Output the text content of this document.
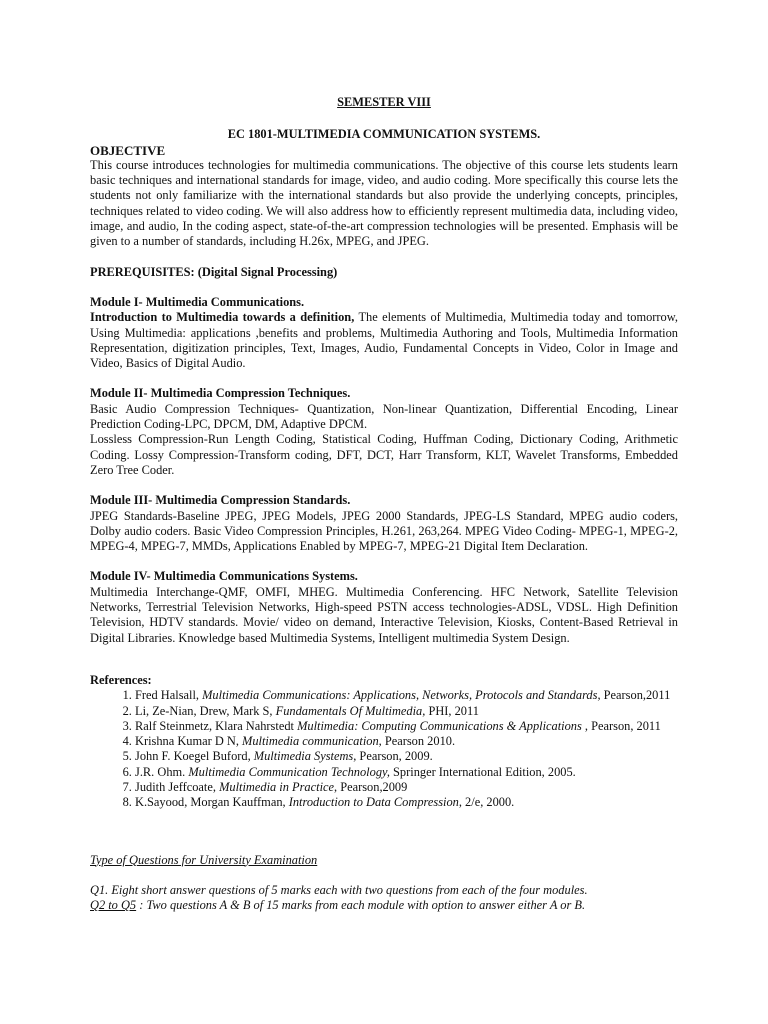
SEMESTER VIII

EC 1801-MULTIMEDIA COMMUNICATION SYSTEMS.

OBJECTIVE

This course introduces technologies for multimedia communications. The objective of this course lets students learn basic techniques and international standards for image, video, and audio coding. More specifically this course lets the students not only familiarize with the international standards but also provide the underlying concepts, principles, techniques related to video coding. We will also address how to efficiently represent multimedia data, including video, image, and audio, In the coding aspect, state-of-the-art compression technologies will be presented. Emphasis will be given to a number of standards, including H.26x, MPEG, and JPEG.

PREREQUISITES: (Digital Signal Processing)

Module I- Multimedia Communications.

Introduction to Multimedia towards a definition, The elements of Multimedia, Multimedia today and tomorrow, Using Multimedia: applications ,benefits and problems, Multimedia Authoring and Tools, Multimedia Information Representation, digitization principles, Text, Images, Audio, Fundamental Concepts in Video, Color in Image and Video, Basics of Digital Audio.

Module II- Multimedia Compression Techniques.

Basic Audio Compression Techniques- Quantization, Non-linear Quantization, Differential Encoding, Linear Prediction Coding-LPC, DPCM, DM, Adaptive DPCM.

Lossless Compression-Run Length Coding, Statistical Coding, Huffman Coding, Dictionary Coding, Arithmetic Coding. Lossy Compression-Transform coding, DFT, DCT, Harr Transform, KLT, Wavelet Transforms, Embedded Zero Tree Coder.

Module III- Multimedia Compression Standards.

JPEG Standards-Baseline JPEG, JPEG Models, JPEG 2000 Standards, JPEG-LS Standard, MPEG audio coders, Dolby audio coders. Basic Video Compression Principles, H.261, 263,264. MPEG Video Coding- MPEG-1, MPEG-2, MPEG-4, MPEG-7, MMDs, Applications Enabled by MPEG-7, MPEG-21 Digital Item Declaration.

Module IV- Multimedia Communications Systems.

Multimedia Interchange-QMF, OMFI, MHEG. Multimedia Conferencing. HFC Network, Satellite Television Networks, Terrestrial Television Networks, High-speed PSTN access technologies-ADSL, VDSL. High Definition Television, HDTV standards. Movie/ video on demand, Interactive Television, Kiosks, Content-Based Retrieval in Digital Libraries. Knowledge based Multimedia Systems, Intelligent multimedia System Design.

References:

1. Fred Halsall, Multimedia Communications: Applications, Networks, Protocols and Standards, Pearson,2011
2. Li, Ze-Nian, Drew, Mark S, Fundamentals Of Multimedia, PHI, 2011
3. Ralf Steinmetz, Klara Nahrstedt Multimedia: Computing Communications & Applications , Pearson, 2011
4. Krishna Kumar D N, Multimedia communication, Pearson 2010.
5. John F. Koegel Buford, Multimedia Systems, Pearson, 2009.
6. J.R. Ohm. Multimedia Communication Technology, Springer International Edition, 2005.
7. Judith Jeffcoate, Multimedia in Practice, Pearson,2009
8. K.Sayood, Morgan Kauffman, Introduction to Data Compression, 2/e, 2000.

Type of Questions for University Examination

Q1. Eight short answer questions of 5 marks each with two questions from each of the four modules.

Q2 to Q5 : Two questions A & B of 15 marks from each module with option to answer either A or B.
